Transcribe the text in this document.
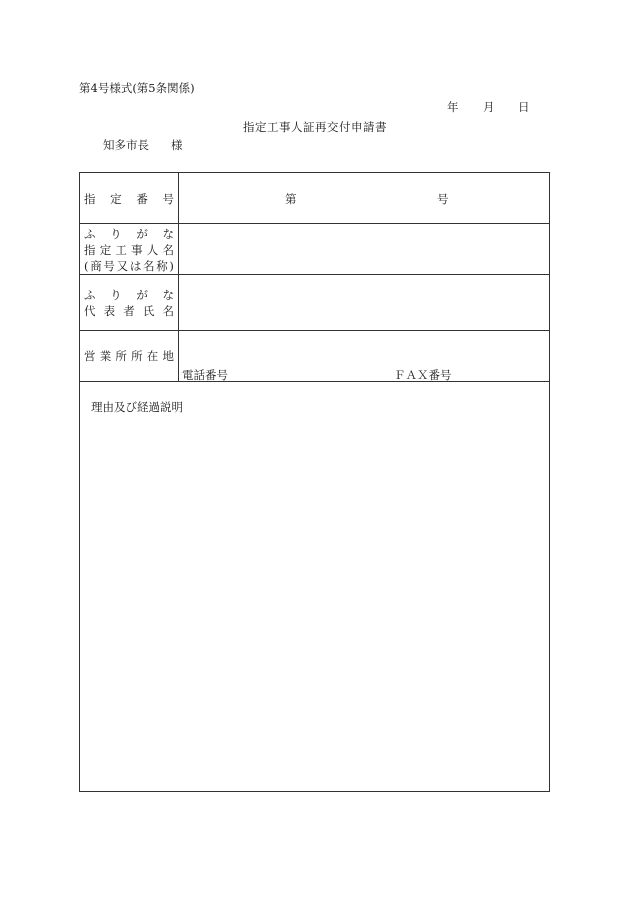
第4号様式(第5条関係)
年 月 日
指定工事人証再交付申請書
知多市長 様
指 定 番 号	第	号
ふ り が な
指 定 工 事 人 名
( 商 号 又 は 名 称 )
ふ り が な
代 表 者 氏 名
営 業 所 所 在 地
電話番号	ＦＡＸ番号
理由及び経過説明
